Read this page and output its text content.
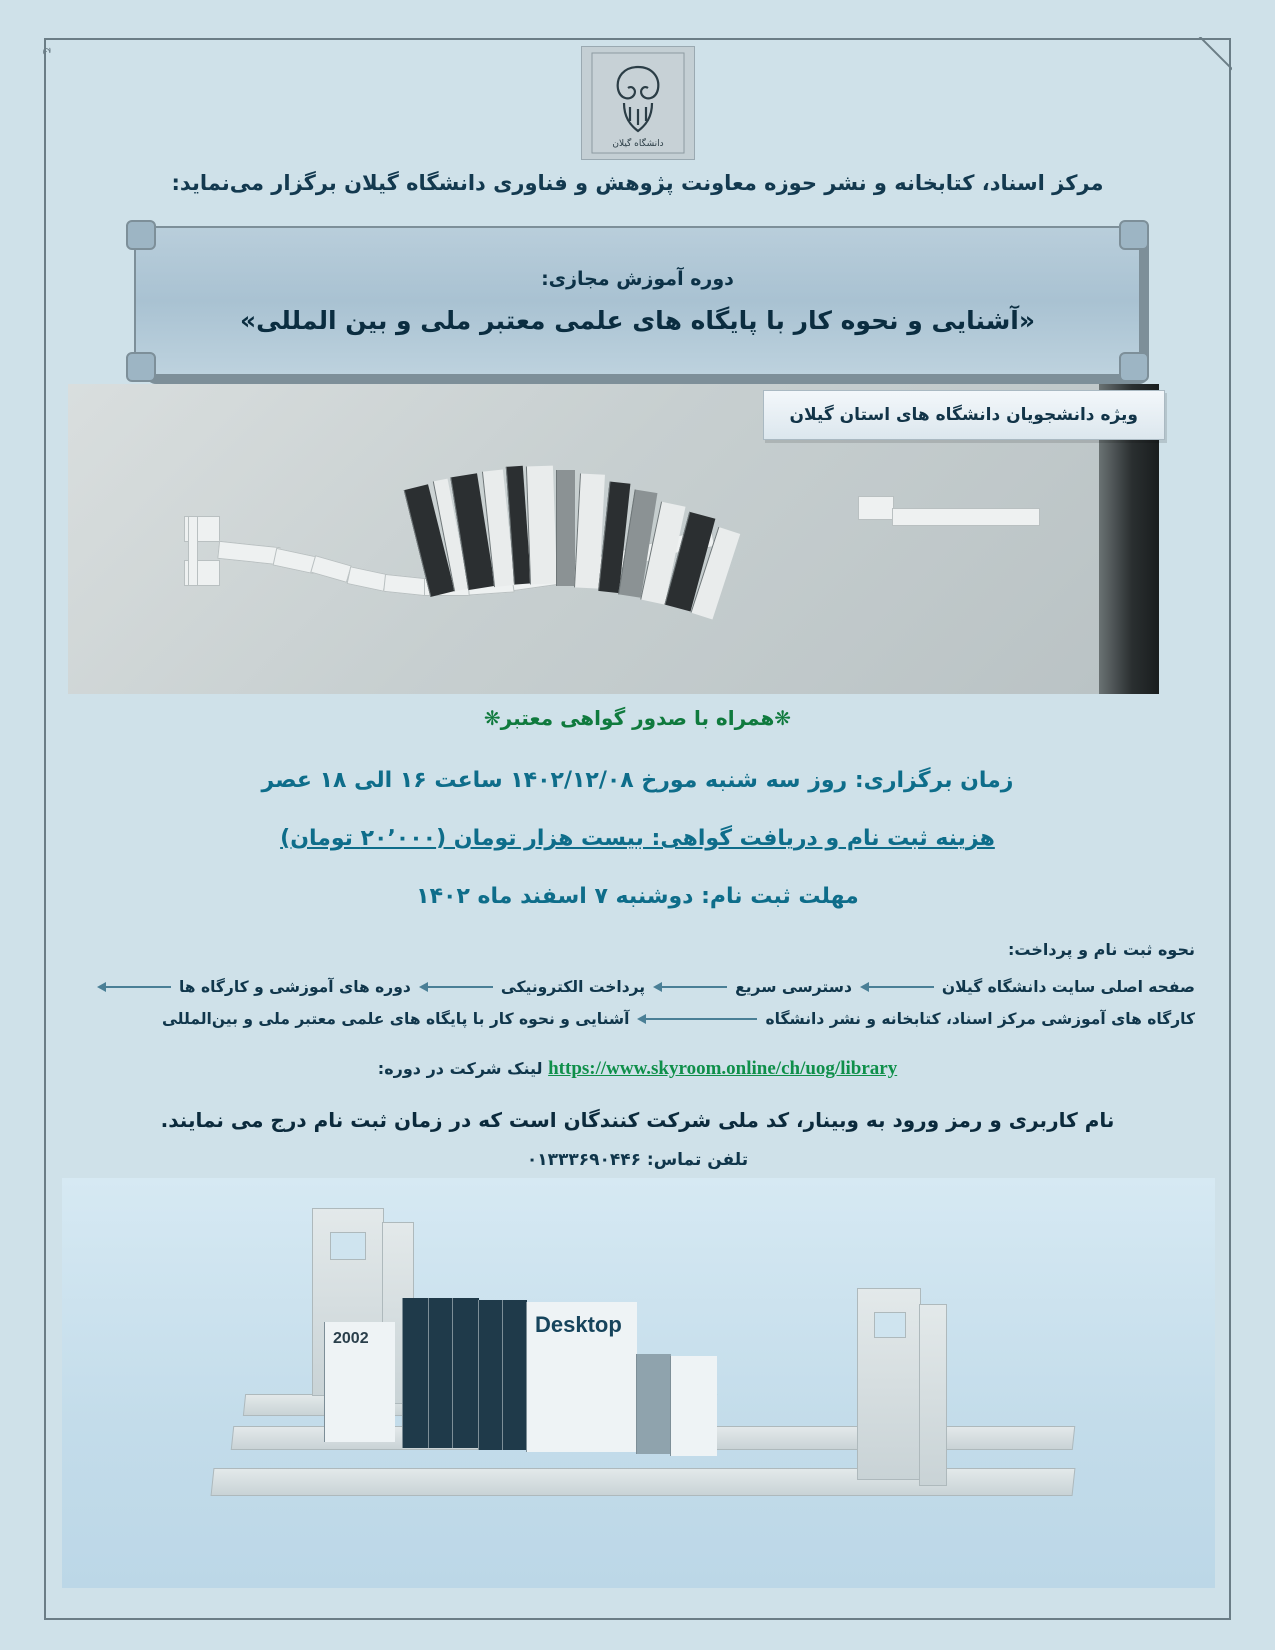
ج
دانشگاه گیلان
مرکز اسناد، کتابخانه و نشر حوزه معاونت پژوهش و فناوری دانشگاه گیلان برگزار می‌نماید:
دوره آموزش مجازی:
«آشنایی و نحوه کار با پایگاه های علمی معتبر ملی و بین المللی»
ویژه دانشجویان دانشگاه های استان گیلان
❋همراه با صدور گواهی معتبر❋
زمان برگزاری: روز سه شنبه مورخ ۱۴۰۲/۱۲/۰۸ ساعت ۱۶ الی ۱۸ عصر
هزینه ثبت نام و دریافت گواهی: بیست هزار تومان (۲۰٬۰۰۰ تومان)
مهلت ثبت نام: دوشنبه ۷ اسفند ماه ۱۴۰۲
نحوه ثبت نام و پرداخت:
صفحه اصلی سایت دانشگاه گیلان
دسترسی سریع
پرداخت الکترونیکی
دوره های آموزشی و کارگاه ها
کارگاه های آموزشی مرکز اسناد، کتابخانه و نشر دانشگاه
آشنایی و نحوه کار با پایگاه های علمی معتبر ملی و بین‌المللی
https://www.skyroom.online/ch/uog/library لینک شرکت در دوره:
نام کاربری و رمز ورود به وبینار، کد ملی شرکت کنندگان است که در زمان ثبت نام درج می نمایند.
تلفن تماس: ۰۱۳۳۳۶۹۰۴۴۶
2002
Desktop
